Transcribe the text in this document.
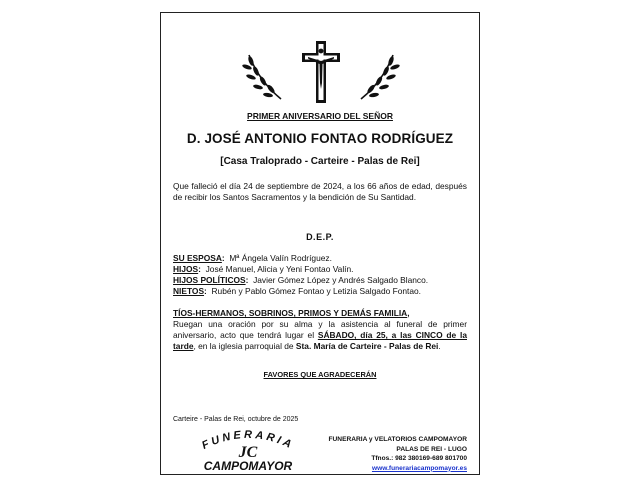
PRIMER ANIVERSARIO DEL SEÑOR
D. JOSÉ ANTONIO FONTAO RODRÍGUEZ
[Casa Traloprado - Carteire - Palas de Rei]
Que falleció el día 24 de septiembre de 2024, a los 66 años de edad, después de recibir los Santos Sacramentos y la bendición de Su Santidad.
D.E.P.
SU ESPOSA: Mª Ángela Valín Rodríguez.
HIJOS: José Manuel, Alicia y Yeni Fontao Valín.
HIJOS POLÍTICOS: Javier Gómez López y Andrés Salgado Blanco.
NIETOS: Rubén y Pablo Gómez Fontao y Letizia Salgado Fontao.
TÍOS-HERMANOS, SOBRINOS, PRIMOS Y DEMÁS FAMILIA,
Ruegan una oración por su alma y la asistencia al funeral de primer aniversario, acto que tendrá lugar el SÁBADO, día 25, a las CINCO de la tarde, en la iglesia parroquial de Sta. María de Carteire - Palas de Rei.
FAVORES QUE AGRADECERÁN
Carteire - Palas de Rei, octubre de 2025
FUNERARIA
JC
CAMPOMAYOR
FUNERARIA y VELATORIOS CAMPOMAYOR
PALAS DE REI - LUGO
Tfnos.: 982 380169-689 801700
www.funerariacampomayor.es
